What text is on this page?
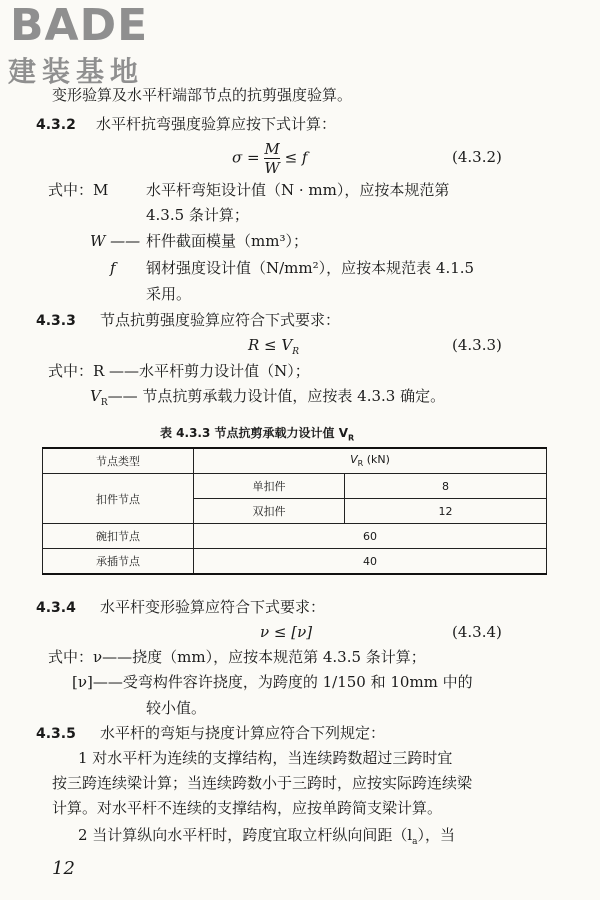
BADE
建装基地
变形验算及水平杆端部节点的抗剪强度验算。
4.3.2 水平杆抗弯强度验算应按下式计算：
$\sigma = \frac{M}{W} \le f$	(4.3.2)
式中：M	水平杆弯矩设计值（N · mm），应按本规范第
4.3.5 条计算；
W —— 杆件截面模量（mm³）；
f 钢材强度设计值（N/mm²），应按本规范表 4.1.5
采用。
4.3.3 节点抗剪强度验算应符合下式要求：
$R \le V_R$	(4.3.3)
式中：R ——水平杆剪力设计值（N）；
$V_R——$ 节点抗剪承载力设计值，应按表 4.3.3 确定。
表 4.3.3 节点抗剪承载力设计值 $V_R$
节点类型	$V_R$ (kN)	
扣件节点	单扣件	8
	双扣件	12
碗扣节点	60	
承插节点	40	
4.3.4 水平杆变形验算应符合下式要求：
ν ≤ [ν]	(4.3.4)
式中：ν——挠度（mm），应按本规范第 4.3.5 条计算；
[ν]——受弯构件容许挠度，为跨度的 1/150 和 10mm 中的
较小值。
4.3.5 水平杆的弯矩与挠度计算应符合下列规定：
1 对水平杆为连续的支撑结构，当连续跨数超过三跨时宜
按三跨连续梁计算；当连续跨数小于三跨时，应按实际跨连续梁
计算。对水平杆不连续的支撑结构，应按单跨简支梁计算。
2 当计算纵向水平杆时，跨度宜取立杆纵向间距$(l_a)$，当
12
